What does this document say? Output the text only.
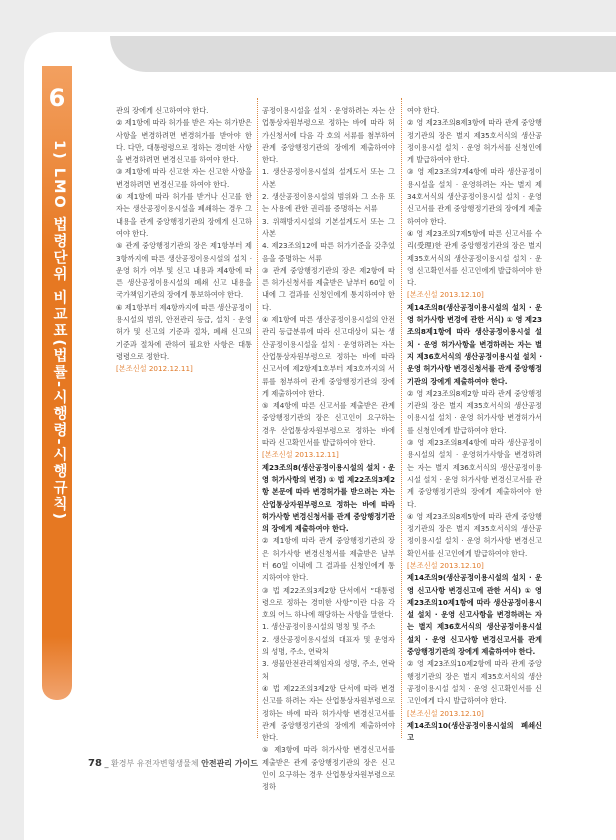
6
1) LMO 법령단위 비교표(법률-시행령-시행규칙)

관의 장에게 신고하여야 한다.

② 제1항에 따라 허가를 받은 자는 허가받은 사항을 변경하려면 변경허가를 받아야 한다. 다만, 대통령령으로 정하는 경미한 사항을 변경하려면 변경신고를 하여야 한다.

③ 제1항에 따라 신고한 자는 신고한 사항을 변경하려면 변경신고를 하여야 한다.

④ 제1항에 따라 허가를 받거나 신고를 한 자는 생산공정이용시설을 폐쇄하는 경우 그 내용을 관계 중앙행정기관의 장에게 신고하여야 한다.

⑤ 관계 중앙행정기관의 장은 제1항부터 제3항까지에 따른 생산공정이용시설의 설치 · 운영 허가 여부 및 신고 내용과 제4항에 따른 생산공정이용시설의 폐쇄 신고 내용을 국가책임기관의 장에게 통보하여야 한다.

⑥ 제1항부터 제4항까지에 따른 생산공정이용시설의 범위, 안전관리 등급, 설치 · 운영 허가 및 신고의 기준과 절차, 폐쇄 신고의 기준과 절차에 관하여 필요한 사항은 대통령령으로 정한다.

[본조신설 2012.12.11]

공정이용시설을 설치 · 운영하려는 자는 산업통상자원부령으로 정하는 바에 따라 허가신청서에 다음 각 호의 서류를 첨부하여 관계 중앙행정기관의 장에게 제출하여야 한다.

1. 생산공정이용시설의 설계도서 또는 그 사본

2. 생산공정이용시설의 범위와 그 소유 또는 사용에 관한 권리를 증명하는 서류

3. 위해방지시설의 기본설계도서 또는 그 사본

4. 제23조의12에 따른 허가기준을 갖추었음을 증명하는 서류

③ 관계 중앙행정기관의 장은 제2항에 따른 허가신청서를 제출받은 날부터 60일 이내에 그 결과를 신청인에게 통지하여야 한다.

④ 제1항에 따른 생산공정이용시설의 안전관리 등급분류에 따라 신고대상이 되는 생산공정이용시설을 설치 · 운영하려는 자는 산업통상자원부령으로 정하는 바에 따라 신고서에 제2항제1호부터 제3호까지의 서류를 첨부하여 관계 중앙행정기관의 장에게 제출하여야 한다.

⑤ 제4항에 따른 신고서를 제출받은 관계 중앙행정기관의 장은 신고인이 요구하는 경우 산업통상자원부령으로 정하는 바에 따라 신고확인서를 발급하여야 한다.

[본조신설 2013.12.11]

제23조의8(생산공정이용시설의 설치 · 운영 허가사항의 변경) ① 법 제22조의3제2항 본문에 따라 변경허가를 받으려는 자는 산업통상자원부령으로 정하는 바에 따라 허가사항 변경신청서를 관계 중앙행정기관의 장에게 제출하여야 한다.

② 제1항에 따라 관계 중앙행정기관의 장은 허가사항 변경신청서를 제출받은 날부터 60일 이내에 그 결과를 신청인에게 통지하여야 한다.

③ 법 제22조의3제2항 단서에서 “대통령령으로 정하는 경미한 사항”이란 다음 각 호의 어느 하나에 해당하는 사항을 말한다.

1. 생산공정이용시설의 명칭 및 주소

2. 생산공정이용시설의 대표자 및 운영자의 성명, 주소, 연락처

3. 생물안전관리책임자의 성명, 주소, 연락처

④ 법 제22조의3제2항 단서에 따라 변경신고를 하려는 자는 산업통상자원부령으로 정하는 바에 따라 허가사항 변경신고서를 관계 중앙행정기관의 장에게 제출하여야 한다.

⑤ 제3항에 따라 허가사항 변경신고서를 제출받은 관계 중앙행정기관의 장은 신고인이 요구하는 경우 산업통상자원부령으로 정하

여야 한다.

② 영 제23조의8제3항에 따라 관계 중앙행정기관의 장은 별지 제35호서식의 생산공정이용시설 설치 · 운영 허가서를 신청인에게 발급하여야 한다.

③ 영 제23조의7제4항에 따라 생산공정이용시설을 설치 · 운영하려는 자는 별지 제34호서식의 생산공정이용시설 설치 · 운영 신고서를 관계 중앙행정기관의 장에게 제출하여야 한다.

④ 영 제23조의7제5항에 따른 신고서를 수리(受理)한 관계 중앙행정기관의 장은 별지 제35호서식의 생산공정이용시설 설치 · 운영 신고확인서를 신고인에게 발급하여야 한다.

[본조신설 2013.12.10]

제14조의8(생산공정이용시설의 설치 · 운영 허가사항 변경에 관한 서식) ① 영 제23조의8제1항에 따라 생산공정이용시설 설치 · 운영 허가사항을 변경하려는 자는 별지 제36호서식의 생산공정이용시설 설치 · 운영 허가사항 변경신청서를 관계 중앙행정기관의 장에게 제출하여야 한다.

② 영 제23조의8제2항 따라 관계 중앙행정기관의 장은 별지 제35호서식의 생산공정이용시설 설치 · 운영 허가사항 변경허가서를 신청인에게 발급하여야 한다.

③ 영 제23조의8제4항에 따라 생산공정이용시설의 설치 · 운영허가사항을 변경하려는 자는 별지 제36호서식의 생산공정이용시설 설치 · 운영 허가사항 변경신고서를 관계 중앙행정기관의 장에게 제출하여야 한다.

④ 영 제23조의8제5항에 따라 관계 중앙행정기관의 장은 별지 제35호서식의 생산공정이용시설 설치 · 운영 허가사항 변경신고 확인서를 신고인에게 발급하여야 한다.

[본조신설 2013.12.10]

제14조의9(생산공정이용시설의 설치 · 운영 신고사항 변경신고에 관한 서식) ① 영 제23조의10제1항에 따라 생산공정이용시설 설치 · 운영 신고사항을 변경하려는 자는 별지 제36호서식의 생산공정이용시설 설치 · 운영 신고사항 변경신고서를 관계 중앙행정기관의 장에게 제출하여야 한다.

② 영 제23조의10제2항에 따라 관계 중앙행정기관의 장은 별지 제35호서식의 생산공정이용시설 설치 · 운영 신고확인서를 신고인에게 다시 발급하여야 한다.

[본조신설 2013.12.10]

제14조의10(생산공정이용시설의 폐쇄신고

78 _ 환경부 유전자변형생물체 안전관리 가이드
